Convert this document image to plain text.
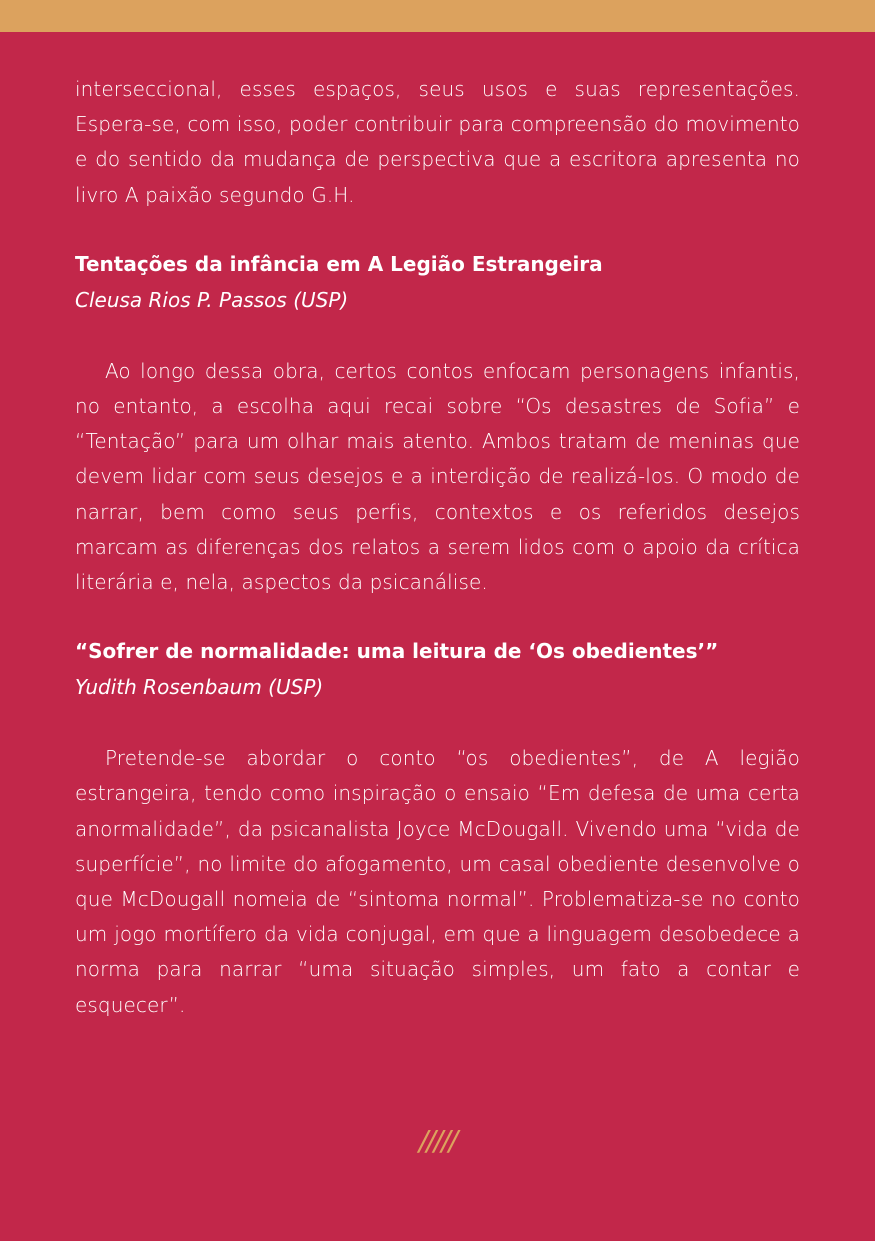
interseccional, esses espaços, seus usos e suas representações. Espera-se, com isso, poder contribuir para compreensão do movimento e do sentido da mudança de perspectiva que a escritora apresenta no livro A paixão segundo G.H.

Tentações da infância em A Legião Estrangeira

Cleusa Rios P. Passos (USP)

Ao longo dessa obra, certos contos enfocam personagens infantis, no entanto, a escolha aqui recai sobre “Os desastres de Sofia” e “Tentação” para um olhar mais atento. Ambos tratam de meninas que devem lidar com seus desejos e a interdição de realizá-los. O modo de narrar, bem como seus perfis, contextos e os referidos desejos marcam as diferenças dos relatos a serem lidos com o apoio da crítica literária e, nela, aspectos da psicanálise.

“Sofrer de normalidade: uma leitura de ‘Os obedientes’”

Yudith Rosenbaum (USP)

Pretende-se abordar o conto “os obedientes”, de A legião estrangeira, tendo como inspiração o ensaio “Em defesa de uma certa anormalidade”, da psicanalista Joyce McDougall. Vivendo uma “vida de superfície”, no limite do afogamento, um casal obediente desenvolve o que McDougall nomeia de “sintoma normal”. Problematiza-se no conto um jogo mortífero da vida conjugal, em que a linguagem desobedece a norma para narrar “uma situação simples, um fato a contar e esquecer”.

/////
